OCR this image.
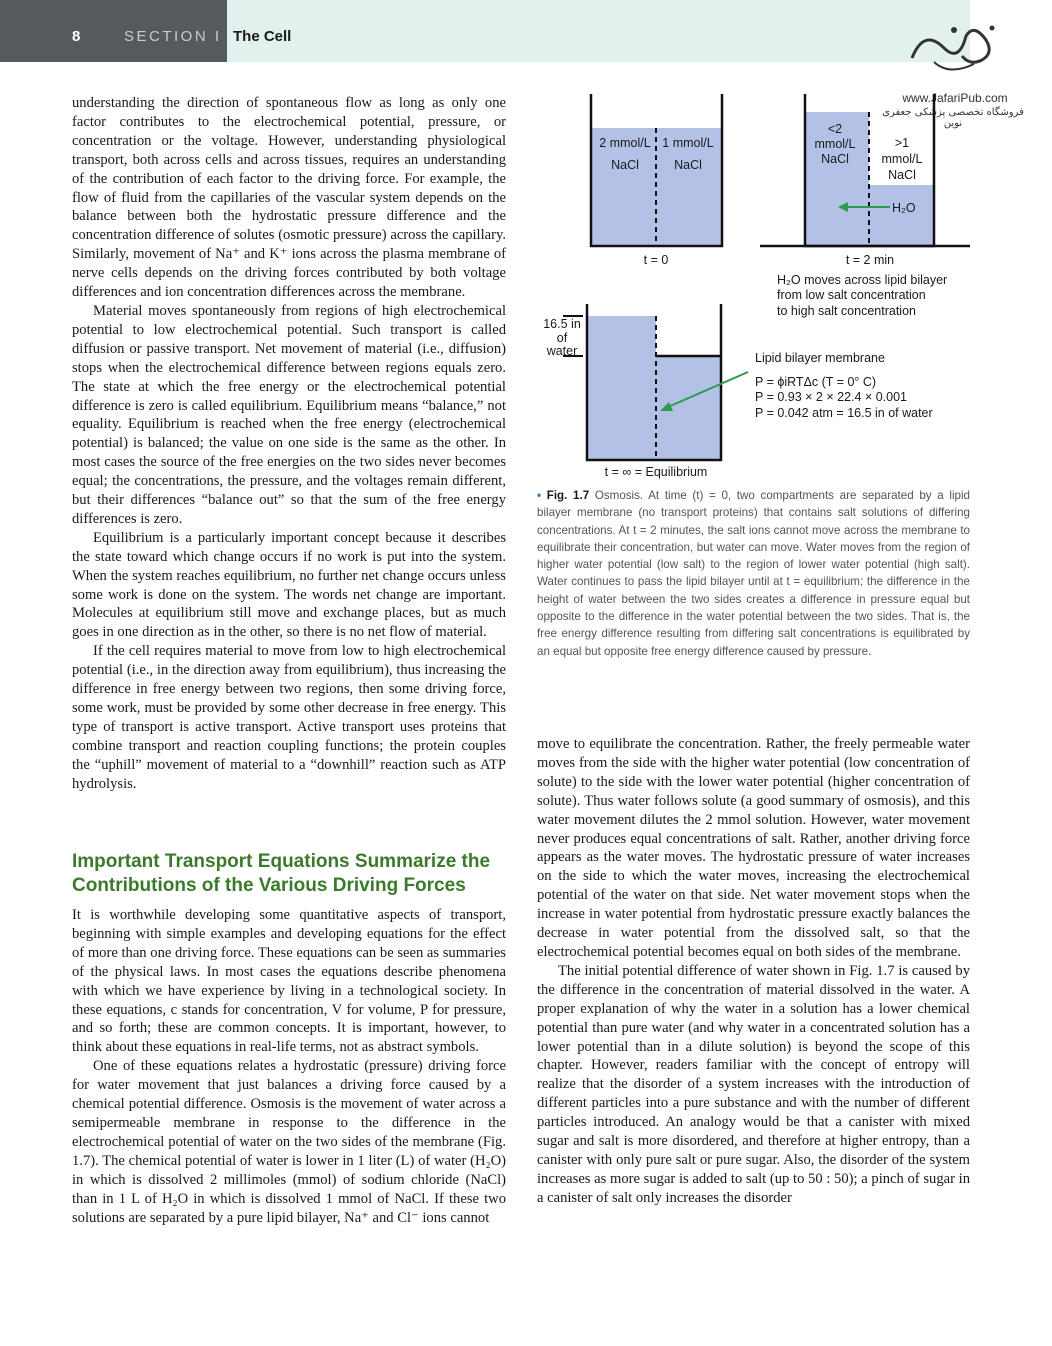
8	SECTION I The Cell
www.JafariPub.com
فروشگاه تخصصی پزشکی جعفری نوین

understanding the direction of spontaneous flow as long as only one factor contributes to the electrochemical potential, pressure, or concentration or the voltage. However, understanding physiological transport, both across cells and across tissues, requires an understanding of the contribution of each factor to the driving force. For example, the flow of fluid from the capillaries of the vascular system depends on the balance between both the hydrostatic pressure difference and the concentration difference of solutes (osmotic pressure) across the capillary. Similarly, movement of Na⁺ and K⁺ ions across the plasma membrane of nerve cells depends on the driving forces contributed by both voltage differences and ion concentration differences across the membrane.

Material moves spontaneously from regions of high electrochemical potential to low electrochemical potential. Such transport is called diffusion or passive transport. Net movement of material (i.e., diffusion) stops when the electrochemical difference between regions equals zero. The state at which the free energy or the electrochemical potential difference is zero is called equilibrium. Equilibrium means “balance,” not equality. Equilibrium is reached when the free energy (electrochemical potential) is balanced; the value on one side is the same as the other. In most cases the source of the free energies on the two sides never becomes equal; the concentrations, the pressure, and the voltages remain different, but their differences “balance out” so that the sum of the free energy differences is zero.

Equilibrium is a particularly important concept because it describes the state toward which change occurs if no work is put into the system. When the system reaches equilibrium, no further net change occurs unless some work is done on the system. The words net change are important. Molecules at equilibrium still move and exchange places, but as much goes in one direction as in the other, so there is no net flow of material.

If the cell requires material to move from low to high electrochemical potential (i.e., in the direction away from equilibrium), thus increasing the difference in free energy between two regions, then some driving force, some work, must be provided by some other decrease in free energy. This type of transport is active transport. Active transport uses proteins that combine transport and reaction coupling functions; the protein couples the “uphill” movement of material to a “downhill” reaction such as ATP hydrolysis.

Important Transport Equations Summarize the Contributions of the Various Driving Forces

It is worthwhile developing some quantitative aspects of transport, beginning with simple examples and developing equations for the effect of more than one driving force. These equations can be seen as summaries of the physical laws. In most cases the equations describe phenomena with which we have experience by living in a technological society. In these equations, c stands for concentration, V for volume, P for pressure, and so forth; these are common concepts. It is important, however, to think about these equations in real-life terms, not as abstract symbols.

One of these equations relates a hydrostatic (pressure) driving force for water movement that just balances a driving force caused by a chemical potential difference. Osmosis is the movement of water across a semipermeable membrane in response to the difference in the electrochemical potential of water on the two sides of the membrane (Fig. 1.7). The chemical potential of water is lower in 1 liter (L) of water (H₂O) in which is dissolved 2 millimoles (mmol) of sodium chloride (NaCl) than in 1 L of H₂O in which is dissolved 1 mmol of NaCl. If these two solutions are separated by a pure lipid bilayer, Na⁺ and Cl⁻ ions cannot

2 mmol/L
NaCl
1 mmol/L
NaCl
t = 0
<2
mmol/L
NaCl
>1
mmol/L
NaCl
H₂O
t = 2 min
H₂O moves across lipid bilayer
from low salt concentration
to high salt concentration
16.5 in
of
water	Lipid bilayer membrane
P = ϕiRTΔc (T = 0° C)
P = 0.93 × 2 × 22.4 × 0.001
P = 0.042 atm = 16.5 in of water
t = ∞ = Equilibrium
• Fig. 1.7 Osmosis. At time (t) = 0, two compartments are separated by a lipid bilayer membrane (no transport proteins) that contains salt solutions of differing concentrations. At t = 2 minutes, the salt ions cannot move across the membrane to equilibrate their concentration, but water can move. Water moves from the region of higher water potential (low salt) to the region of lower water potential (high salt). Water continues to pass the lipid bilayer until at t = equilibrium; the difference in the height of water between the two sides creates a difference in pressure equal but opposite to the difference in the water potential between the two sides. That is, the free energy difference resulting from differing salt concentrations is equilibrated by an equal but opposite free energy difference caused by pressure.

move to equilibrate the concentration. Rather, the freely permeable water moves from the side with the higher water potential (low concentration of solute) to the side with the lower water potential (higher concentration of solute). Thus water follows solute (a good summary of osmosis), and this water movement dilutes the 2 mmol solution. However, water movement never produces equal concentrations of salt. Rather, another driving force appears as the water moves. The hydrostatic pressure of water increases on the side to which the water moves, increasing the electrochemical potential of the water on that side. Net water movement stops when the increase in water potential from hydrostatic pressure exactly balances the decrease in water potential from the dissolved salt, so that the electrochemical potential becomes equal on both sides of the membrane.

The initial potential difference of water shown in Fig. 1.7 is caused by the difference in the concentration of material dissolved in the water. A proper explanation of why the water in a solution has a lower chemical potential than pure water (and why water in a concentrated solution has a lower potential than in a dilute solution) is beyond the scope of this chapter. However, readers familiar with the concept of entropy will realize that the disorder of a system increases with the introduction of different particles into a pure substance and with the number of different particles introduced. An analogy would be that a canister with mixed sugar and salt is more disordered, and therefore at higher entropy, than a canister with only pure salt or pure sugar. Also, the disorder of the system increases as more sugar is added to salt (up to 50 : 50); a pinch of sugar in a canister of salt only increases the disorder
